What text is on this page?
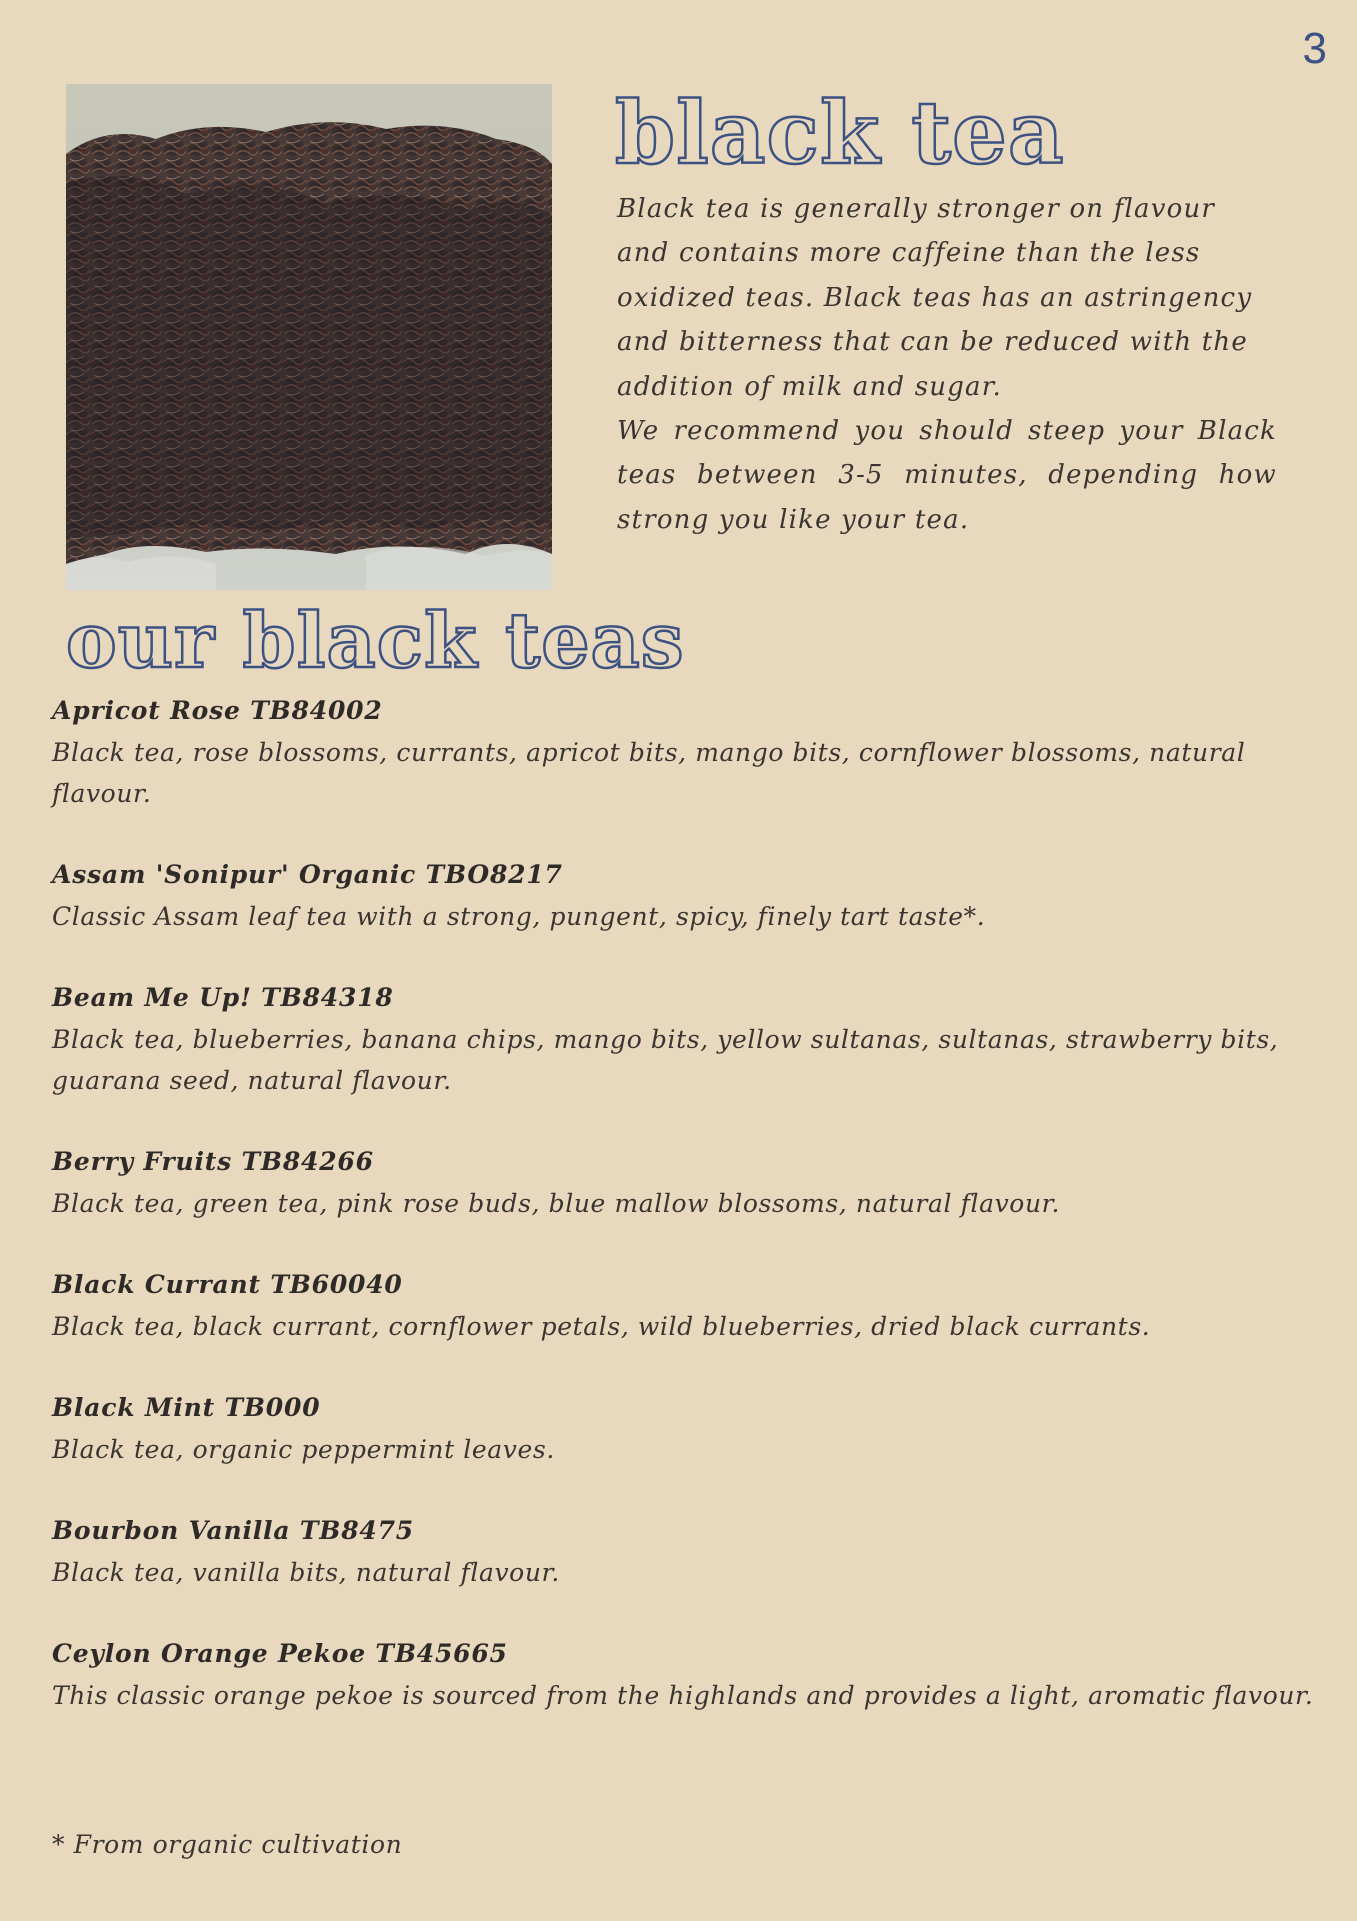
3
black tea

Black tea is generally stronger on flavour and contains more caffeine than the less oxidized teas. Black teas has an astringency and bitterness that can be reduced with the addition of milk and sugar.

We recommend you should steep your Black teas between 3-5 minutes, depending how strong you like your tea.

our black teas
Apricot Rose TB84002
Black tea, rose blossoms, currants, apricot bits, mango bits, cornflower blossoms, natural flavour.
Assam 'Sonipur' Organic TBO8217
Classic Assam leaf tea with a strong, pungent, spicy, finely tart taste*.
Beam Me Up! TB84318
Black tea, blueberries, banana chips, mango bits, yellow sultanas, sultanas, strawberry bits, guarana seed, natural flavour.
Berry Fruits TB84266
Black tea, green tea, pink rose buds, blue mallow blossoms, natural flavour.
Black Currant TB60040
Black tea, black currant, cornflower petals, wild blueberries, dried black currants.
Black Mint TB000
Black tea, organic peppermint leaves.
Bourbon Vanilla TB8475
Black tea, vanilla bits, natural flavour.
Ceylon Orange Pekoe TB45665
This classic orange pekoe is sourced from the highlands and provides a light, aromatic flavour.

* From organic cultivation
